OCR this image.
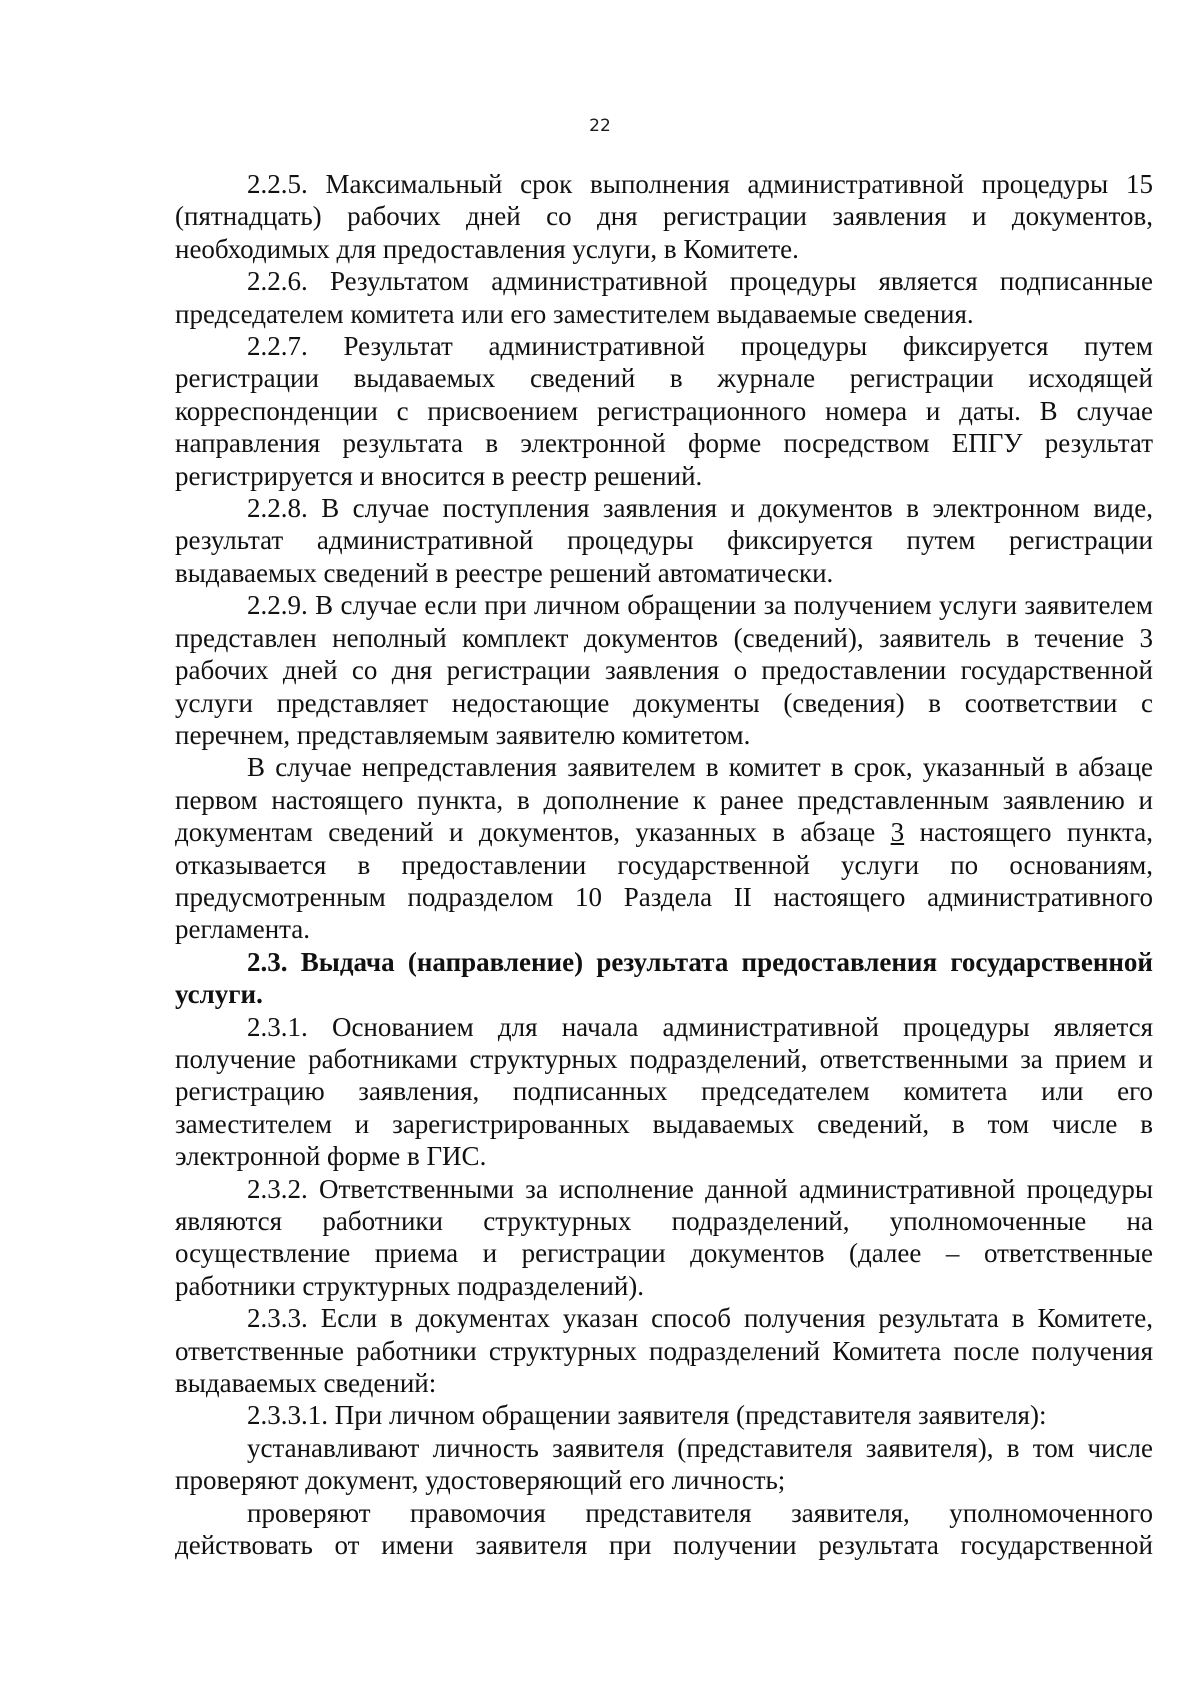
22

2.2.5. Максимальный срок выполнения административной процедуры 15 (пятнадцать) рабочих дней со дня регистрации заявления и документов, необходимых для предоставления услуги, в Комитете.

2.2.6. Результатом административной процедуры является подписанные председателем комитета или его заместителем выдаваемые сведения.

2.2.7. Результат административной процедуры фиксируется путем регистрации выдаваемых сведений в журнале регистрации исходящей корреспонденции с присвоением регистрационного номера и даты. В случае направления результата в электронной форме посредством ЕПГУ результат регистрируется и вносится в реестр решений.

2.2.8. В случае поступления заявления и документов в электронном виде, результат административной процедуры фиксируется путем регистрации выдаваемых сведений в реестре решений автоматически.

2.2.9. В случае если при личном обращении за получением услуги заявителем представлен неполный комплект документов (сведений), заявитель в течение 3 рабочих дней со дня регистрации заявления о предоставлении государственной услуги представляет недостающие документы (сведения) в соответствии с перечнем, представляемым заявителю комитетом.

В случае непредставления заявителем в комитет в срок, указанный в абзаце первом настоящего пункта, в дополнение к ранее представленным заявлению и документам сведений и документов, указанных в абзаце 3 настоящего пункта, отказывается в предоставлении государственной услуги по основаниям, предусмотренным подразделом 10 Раздела II настоящего административного регламента.

2.3. Выдача (направление) результата предоставления государственной услуги.

2.3.1. Основанием для начала административной процедуры является получение работниками структурных подразделений, ответственными за прием и регистрацию заявления, подписанных председателем комитета или его заместителем и зарегистрированных выдаваемых сведений, в том числе в электронной форме в ГИС.

2.3.2. Ответственными за исполнение данной административной процедуры являются работники структурных подразделений, уполномоченные на осуществление приема и регистрации документов (далее – ответственные работники структурных подразделений).

2.3.3. Если в документах указан способ получения результата в Комитете, ответственные работники структурных подразделений Комитета после получения выдаваемых сведений:

2.3.3.1. При личном обращении заявителя (представителя заявителя):

устанавливают личность заявителя (представителя заявителя), в том числе проверяют документ, удостоверяющий его личность;

проверяют правомочия представителя заявителя, уполномоченного действовать от имени заявителя при получении результата государственной
